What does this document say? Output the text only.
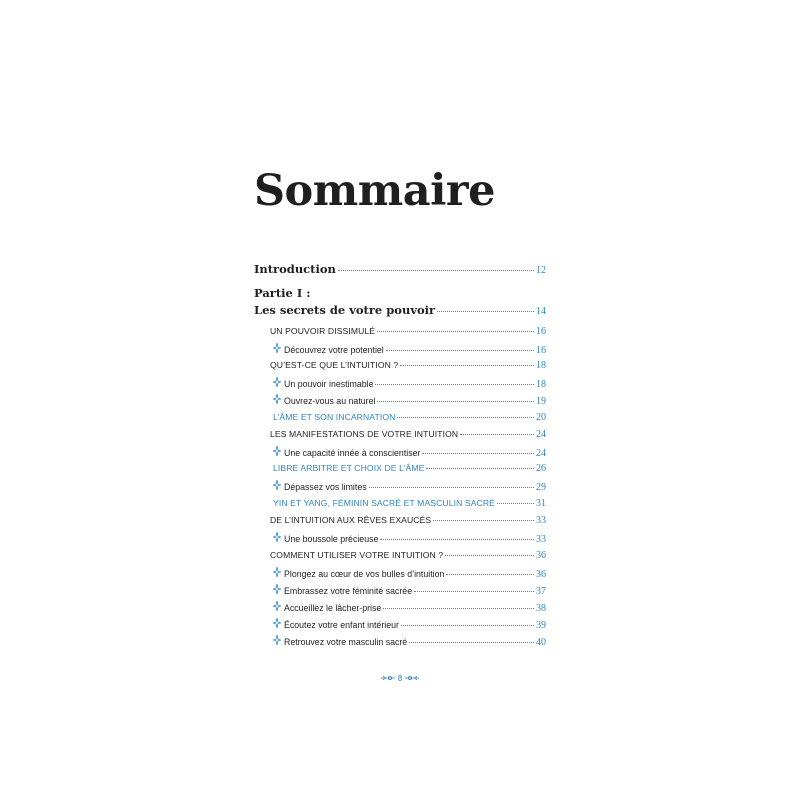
Sommaire
Introduction	12
Partie I :
Les secrets de votre pouvoir	14
UN POUVOIR DISSIMULÉ	16
Découvrez votre potentiel	16
QU’EST-CE QUE L’INTUITION ?	18
Un pouvoir inestimable	18
Ouvrez-vous au naturel	19
L’ÂME ET SON INCARNATION	20
LES MANIFESTATIONS DE VOTRE INTUITION	24
Une capacité innée à conscientiser	24
LIBRE ARBITRE ET CHOIX DE L’ÂME	26
Dépassez vos limites	29
YIN ET YANG, FÉMININ SACRÉ ET MASCULIN SACRÉ	31
DE L’INTUITION AUX RÊVES EXAUCÉS	33
Une boussole précieuse	33
COMMENT UTILISER VOTRE INTUITION ?	36
Plongez au cœur de vos bulles d’intuition	36
Embrassez votre féminité sacrée	37
Accueillez le lâcher-prise	38
Écoutez votre enfant intérieur	39
Retrouvez votre masculin sacré	40
8
